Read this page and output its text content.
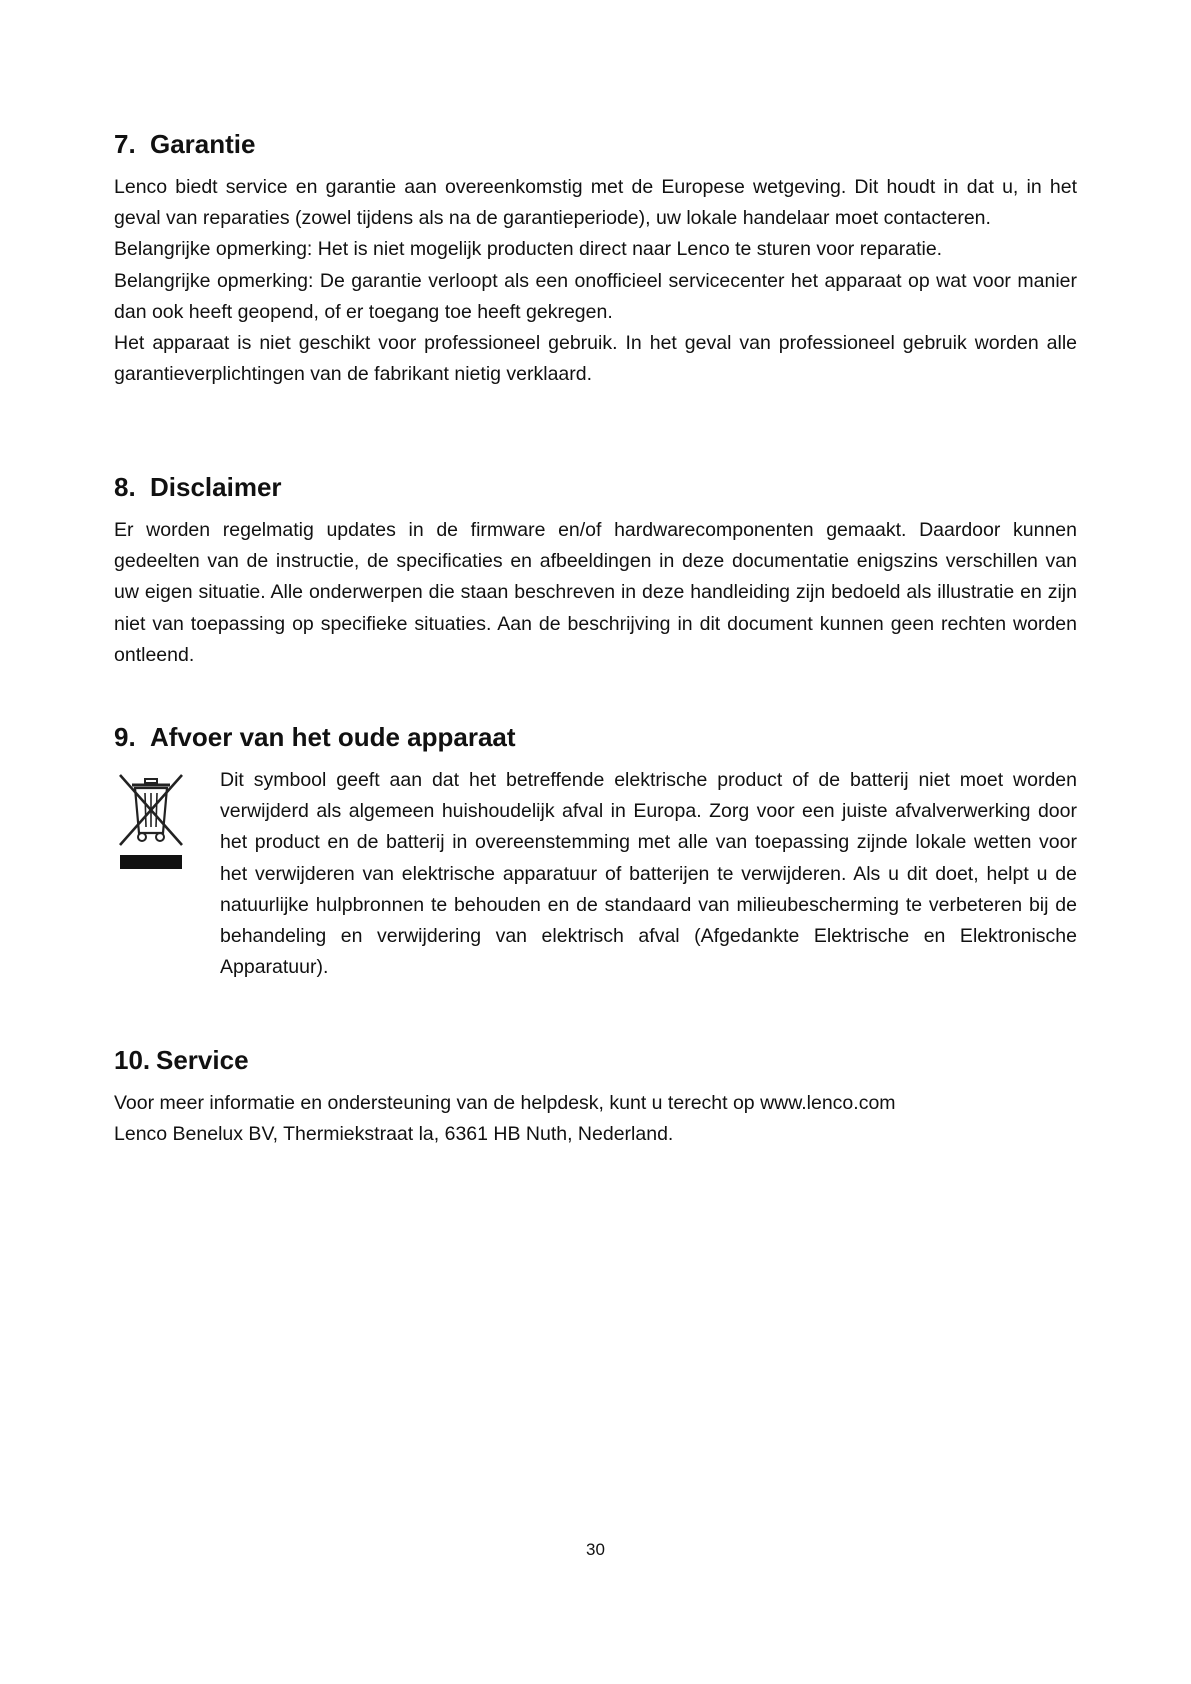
7. Garantie

Lenco biedt service en garantie aan overeenkomstig met de Europese wetgeving. Dit houdt in dat u, in het geval van reparaties (zowel tijdens als na de garantieperiode), uw lokale handelaar moet contacteren.

Belangrijke opmerking: Het is niet mogelijk producten direct naar Lenco te sturen voor reparatie.

Belangrijke opmerking: De garantie verloopt als een onofficieel servicecenter het apparaat op wat voor manier dan ook heeft geopend, of er toegang toe heeft gekregen.

Het apparaat is niet geschikt voor professioneel gebruik. In het geval van professioneel gebruik worden alle garantieverplichtingen van de fabrikant nietig verklaard.

8. Disclaimer

Er worden regelmatig updates in de firmware en/of hardwarecomponenten gemaakt. Daardoor kunnen gedeelten van de instructie, de specificaties en afbeeldingen in deze documentatie enigszins verschillen van uw eigen situatie. Alle onderwerpen die staan beschreven in deze handleiding zijn bedoeld als illustratie en zijn niet van toepassing op specifieke situaties. Aan de beschrijving in dit document kunnen geen rechten worden ontleend.

9. Afvoer van het oude apparaat

Dit symbool geeft aan dat het betreffende elektrische product of de batterij niet moet worden verwijderd als algemeen huishoudelijk afval in Europa. Zorg voor een juiste afvalverwerking door het product en de batterij in overeenstemming met alle van toepassing zijnde lokale wetten voor het verwijderen van elektrische apparatuur of batterijen te verwijderen. Als u dit doet, helpt u de natuurlijke hulpbronnen te behouden en de standaard van milieubescherming te verbeteren bij de behandeling en verwijdering van elektrisch afval (Afgedankte Elektrische en Elektronische Apparatuur).

10. Service

Voor meer informatie en ondersteuning van de helpdesk, kunt u terecht op www.lenco.com

Lenco Benelux BV, Thermiekstraat la, 6361 HB Nuth, Nederland.

30
